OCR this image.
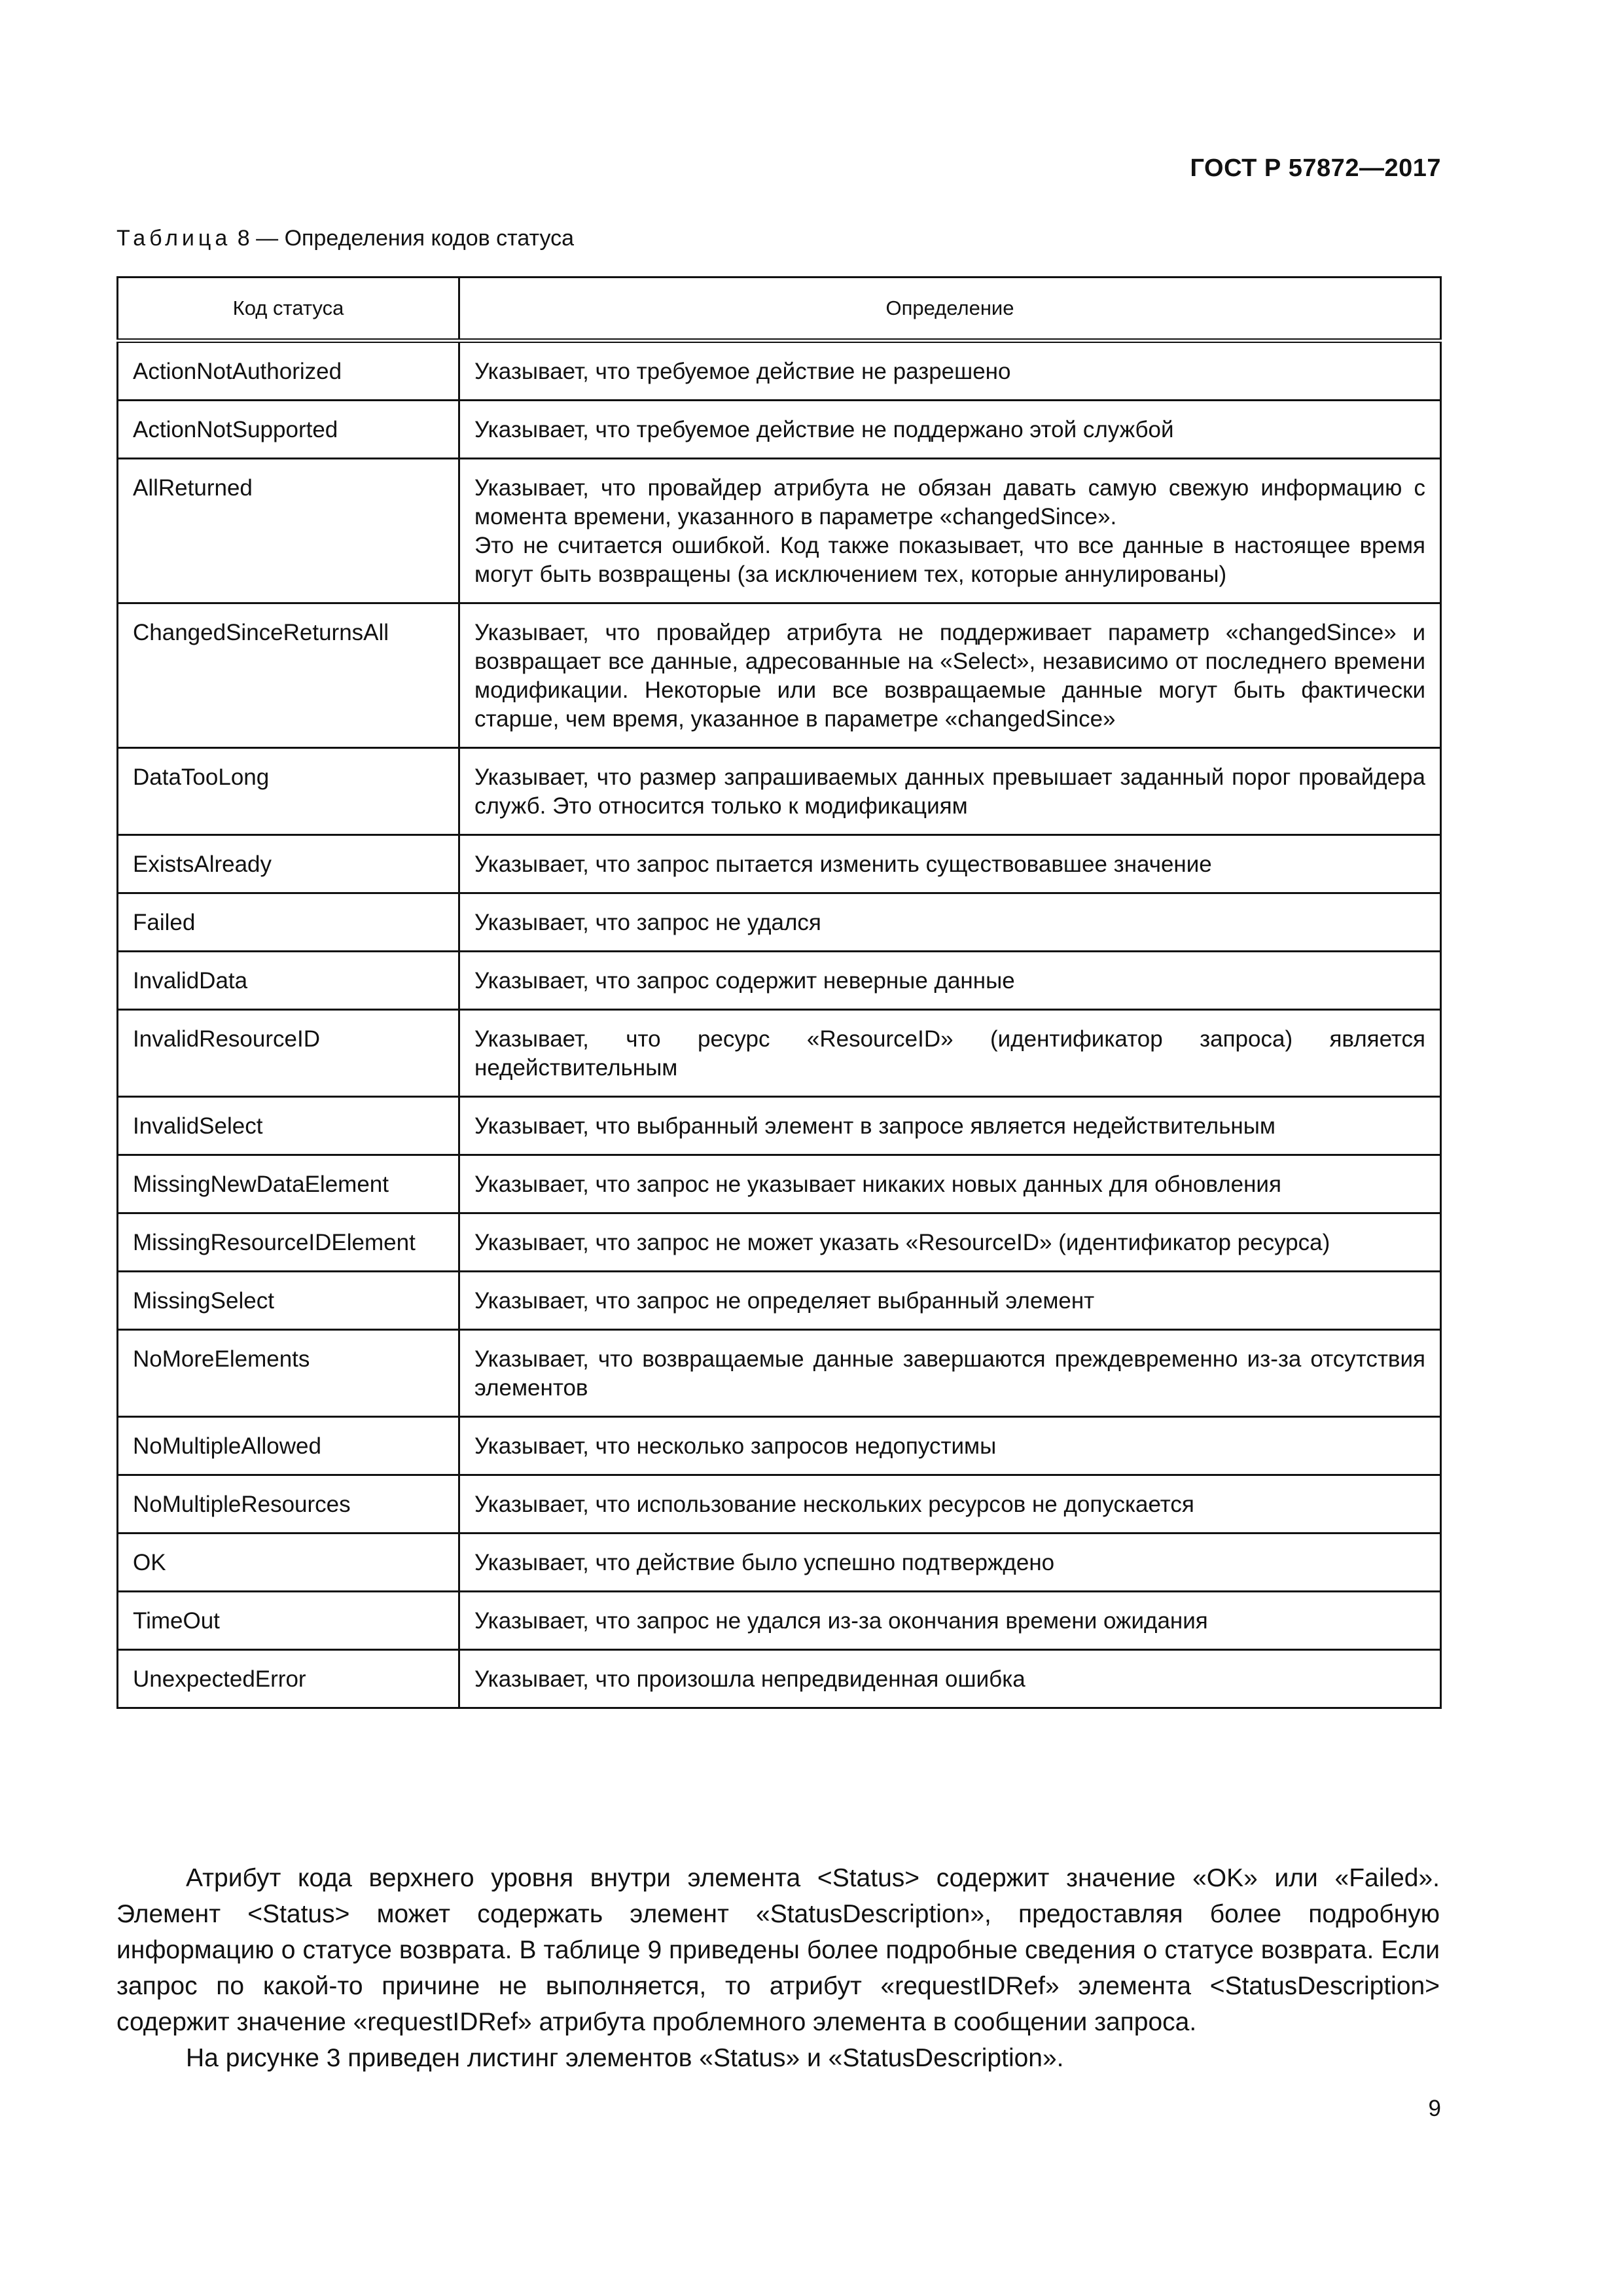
ГОСТ Р 57872—2017
Таблица 8 — Определения кодов статуса
Код статуса	Определение
ActionNotAuthorized	Указывает, что требуемое действие не разрешено
ActionNotSupported	Указывает, что требуемое действие не поддержано этой службой
AllReturned	Указывает, что провайдер атрибута не обязан давать самую свежую информацию с момента времени, указанного в параметре «changedSince».
Это не считается ошибкой. Код также показывает, что все данные в настоящее время могут быть возвращены (за исключением тех, которые аннулированы)

ChangedSinceReturnsAll	Указывает, что провайдер атрибута не поддерживает параметр «changedSince» и возвращает все данные, адресованные на «Select», независимо от последнего времени модификации. Некоторые или все возвращаемые данные могут быть фактически старше, чем время, указанное в параметре «changedSince»
DataTooLong	Указывает, что размер запрашиваемых данных превышает заданный порог провайдера служб. Это относится только к модификациям
ExistsAlready	Указывает, что запрос пытается изменить существовавшее значение
Failed	Указывает, что запрос не удался
InvalidData	Указывает, что запрос содержит неверные данные
InvalidResourceID	Указывает, что ресурс «ResourceID» (идентификатор запроса) является недействительным
InvalidSelect	Указывает, что выбранный элемент в запросе является недействительным
MissingNewDataElement	Указывает, что запрос не указывает никаких новых данных для обновления
MissingResourceIDElement	Указывает, что запрос не может указать «ResourceID» (идентификатор ресурса)
MissingSelect	Указывает, что запрос не определяет выбранный элемент
NoMoreElements	Указывает, что возвращаемые данные завершаются преждевременно из-за отсутствия элементов
NoMultipleAllowed	Указывает, что несколько запросов недопустимы
NoMultipleResources	Указывает, что использование нескольких ресурсов не допускается
OK	Указывает, что действие было успешно подтверждено
TimeOut	Указывает, что запрос не удался из-за окончания времени ожидания
UnexpectedError	Указывает, что произошла непредвиденная ошибка

Атрибут кода верхнего уровня внутри элемента <Status> содержит значение «OK» или «Failed». Элемент <Status> может содержать элемент «StatusDescription», предоставляя более подробную информацию о статусе возврата. В таблице 9 приведены более подробные сведения о статусе возврата. Если запрос по какой-то причине не выполняется, то атрибут «requestIDRef» элемента <StatusDescription> содержит значение «requestIDRef» атрибута проблемного элемента в сообщении запроса.

На рисунке 3 приведен листинг элементов «Status» и «StatusDescription».

9
